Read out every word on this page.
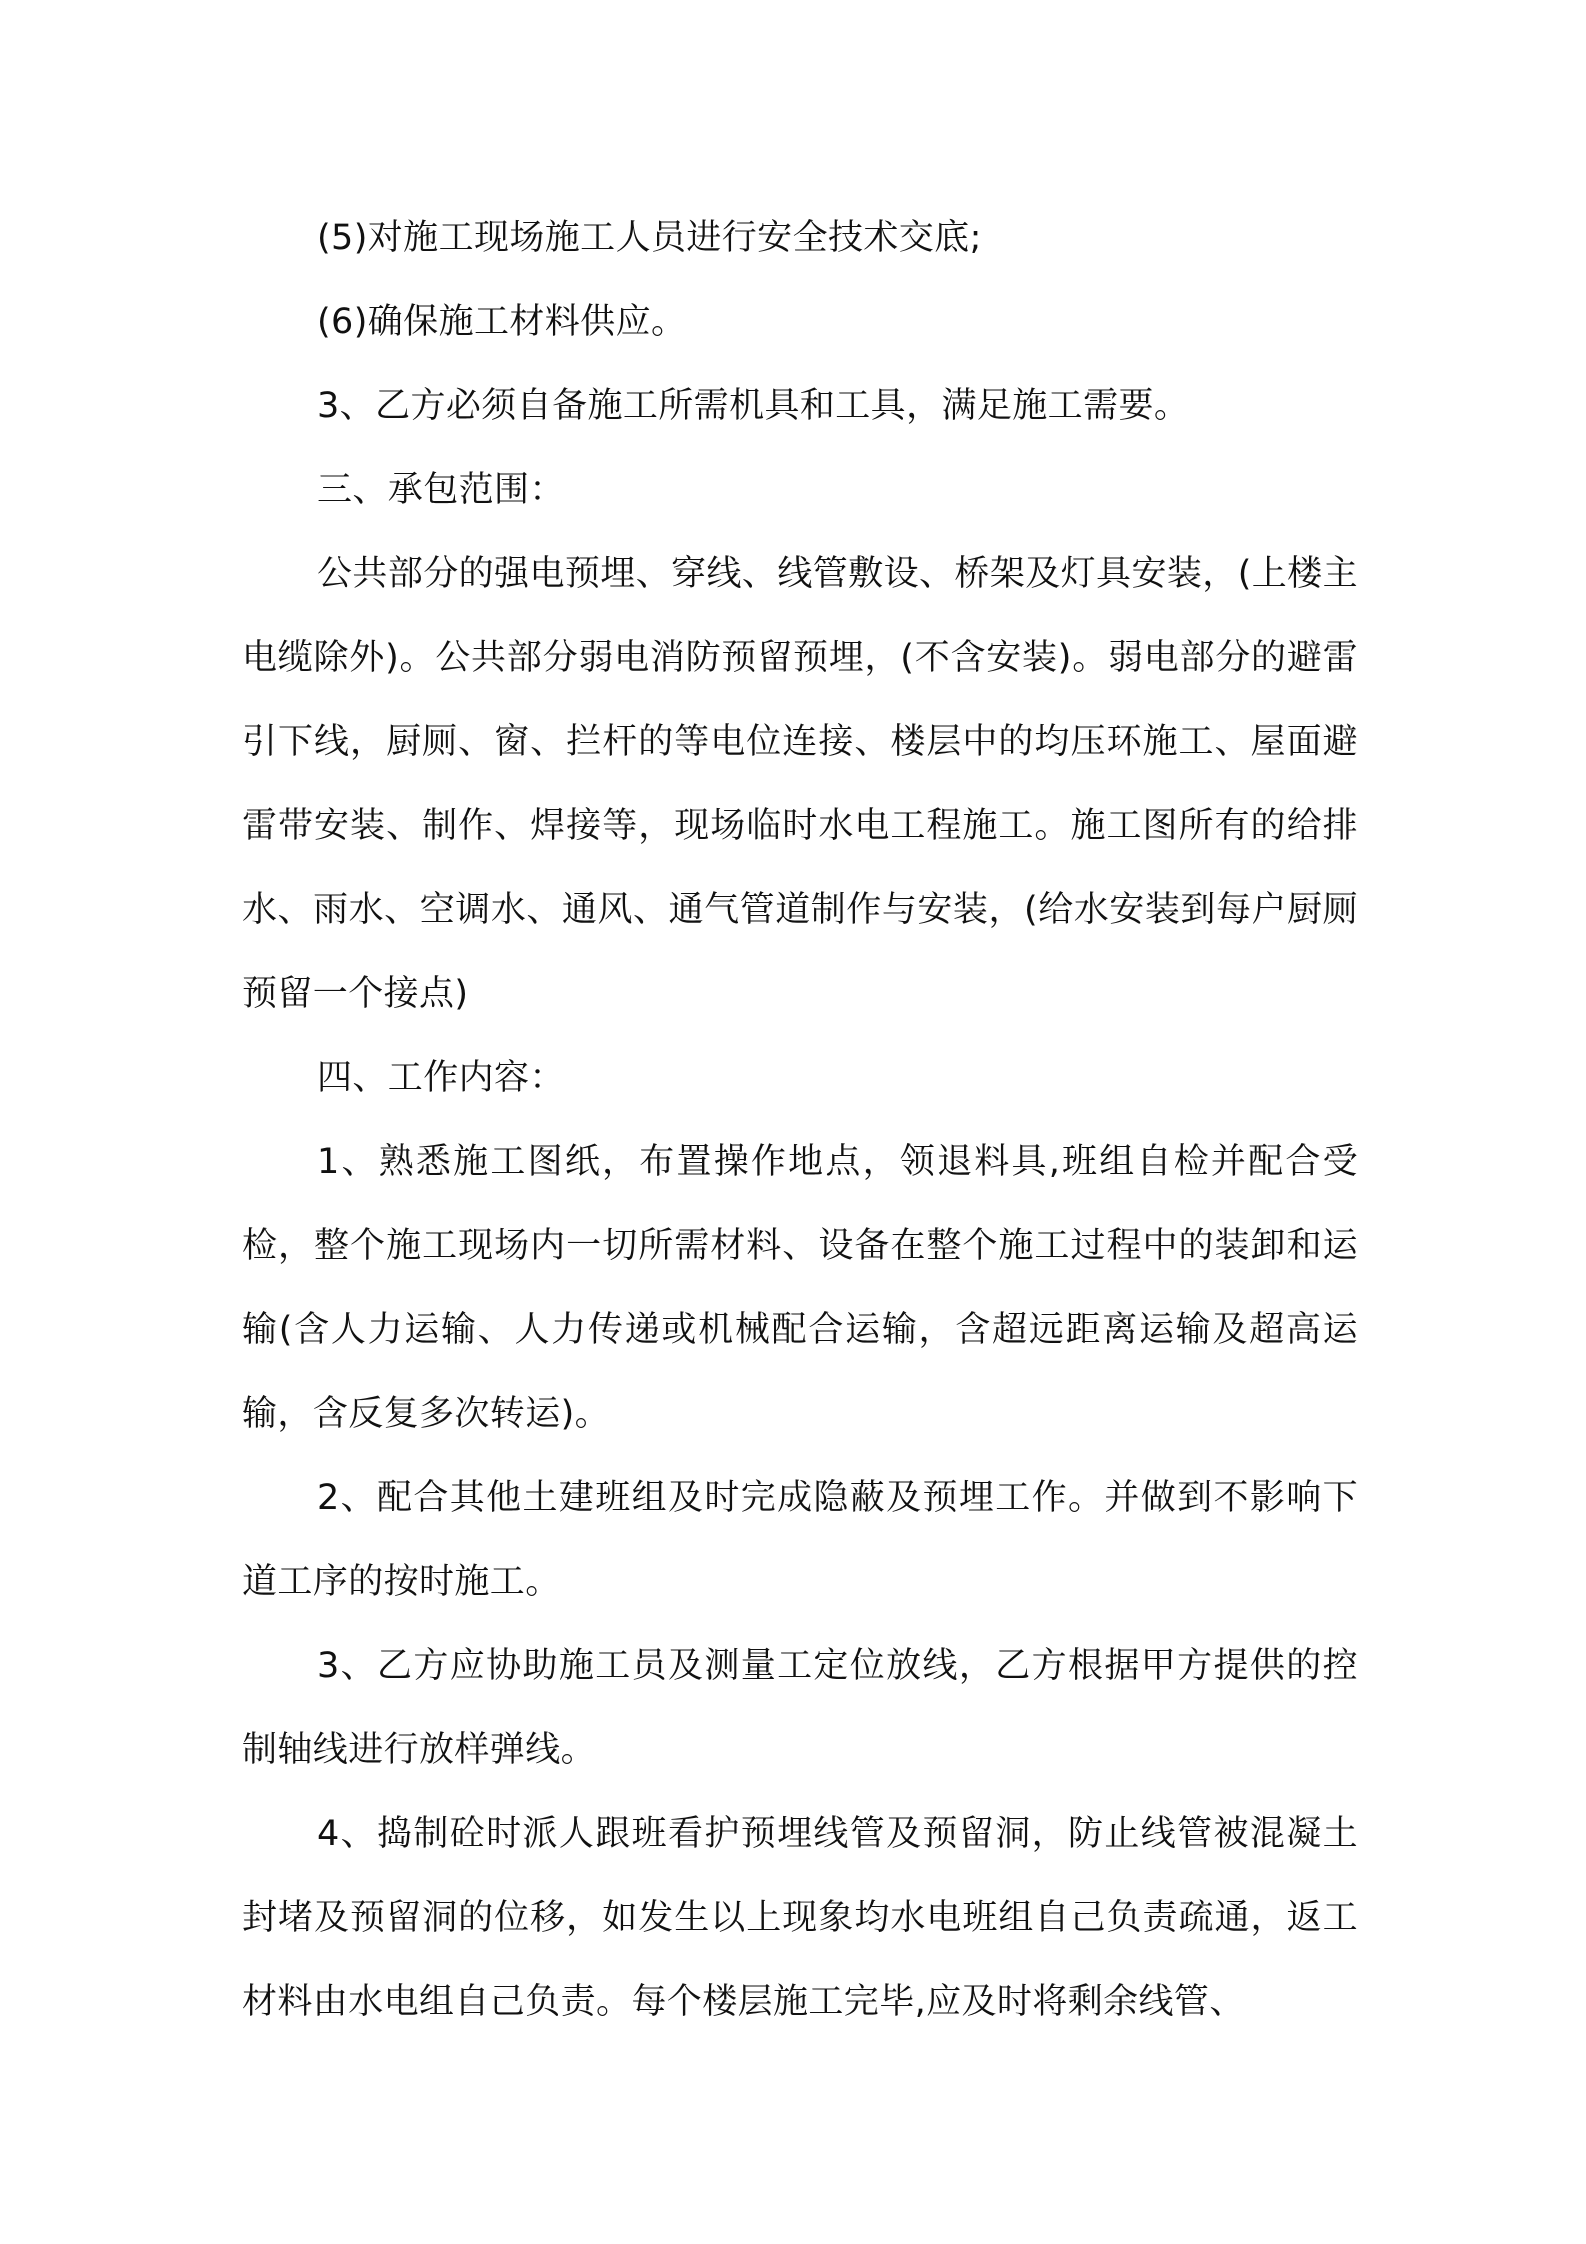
(5)对施工现场施工人员进行安全技术交底;

(6)确保施工材料供应。

3、乙方必须自备施工所需机具和工具，满足施工需要。

三、承包范围：

公共部分的强电预埋、穿线、线管敷设、桥架及灯具安装，(上楼主电缆除外)。公共部分弱电消防预留预埋，(不含安装)。弱电部分的避雷引下线，厨厕、窗、拦杆的等电位连接、楼层中的均压环施工、屋面避雷带安装、制作、焊接等，现场临时水电工程施工。施工图所有的给排水、雨水、空调水、通风、通气管道制作与安装，(给水安装到每户厨厕预留一个接点)

四、工作内容：

1、熟悉施工图纸，布置操作地点，领退料具,班组自检并配合受检，整个施工现场内一切所需材料、设备在整个施工过程中的装卸和运输(含人力运输、人力传递或机械配合运输，含超远距离运输及超高运输，含反复多次转运)。

2、配合其他土建班组及时完成隐蔽及预埋工作。并做到不影响下道工序的按时施工。

3、乙方应协助施工员及测量工定位放线，乙方根据甲方提供的控制轴线进行放样弹线。

4、捣制砼时派人跟班看护预埋线管及预留洞，防止线管被混凝土封堵及预留洞的位移，如发生以上现象均水电班组自己负责疏通，返工材料由水电组自己负责。每个楼层施工完毕,应及时将剩余线管、
